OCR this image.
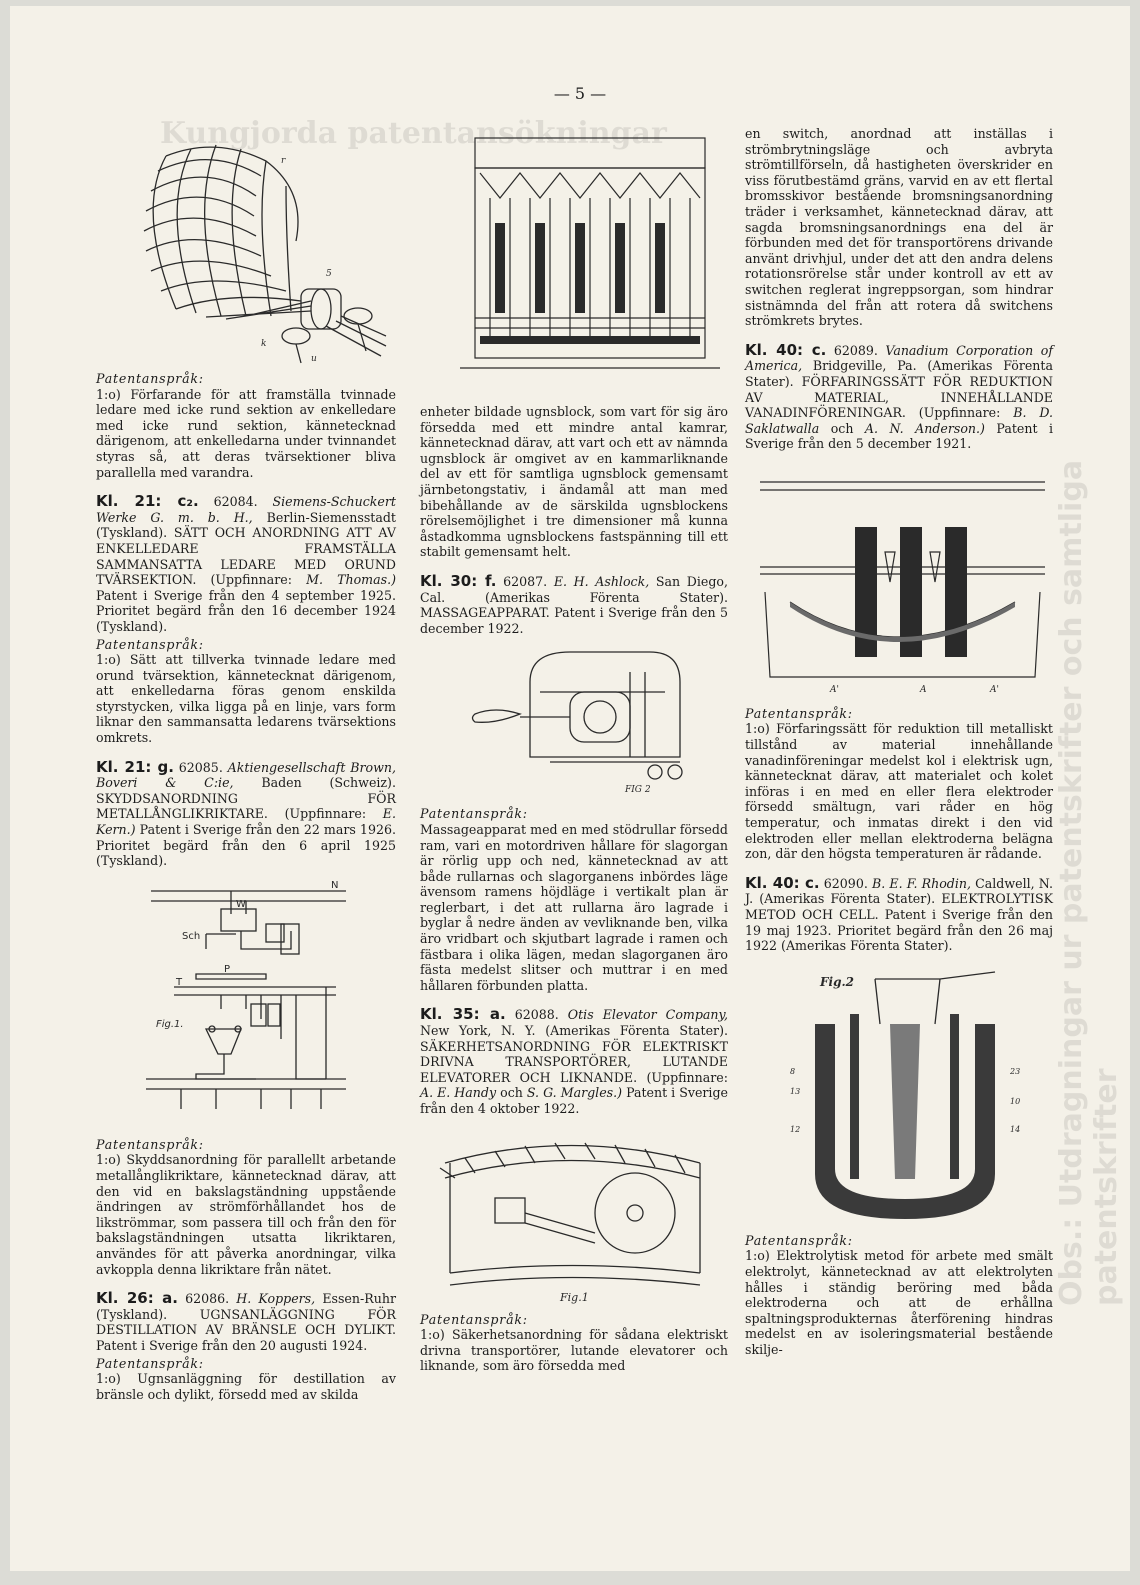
Kungjorda patentansökningar
Obs.: Utdragningar ur patentskrifter och samtliga patentskrifter
— 5 —
r
5
k
u

Patentanspråk:

1:o) Förfarande för att framställa tvinnade ledare med icke rund sektion av enkelledare med icke rund sektion, kännetecknad därigenom, att enkelledarna under tvinnandet styras så, att deras tvärsektioner bliva parallella med varandra.

Kl. 21: c₂. 62084. Siemens-Schuckert Werke G. m. b. H., Berlin-Siemensstadt (Tyskland). SÄTT OCH ANORDNING ATT AV ENKELLEDARE FRAMSTÄLLA SAMMANSATTA LEDARE MED ORUND TVÄRSEKTION. (Uppfinnare: M. Thomas.) Patent i Sverige från den 4 september 1925. Prioritet begärd från den 16 december 1924 (Tyskland).

Patentanspråk:

1:o) Sätt att tillverka tvinnade ledare med orund tvärsektion, kännetecknat därigenom, att enkelledarna föras genom enskilda styrstycken, vilka ligga på en linje, vars form liknar den sammansatta ledarens tvärsektions omkrets.

Kl. 21: g. 62085. Aktiengesellschaft Brown, Boveri & C:ie, Baden (Schweiz). SKYDDSANORDNING FÖR METALLÅNGLIKRIKTARE. (Uppfinnare: E. Kern.) Patent i Sverige från den 22 mars 1926. Prioritet begärd från den 6 april 1925 (Tyskland).

N
W
Sch
P
T
Fig.1.

Patentanspråk:

1:o) Skyddsanordning för parallellt arbetande metallånglikriktare, kännetecknad därav, att den vid en bakslagständning uppstående ändringen av strömförhållandet hos de likströmmar, som passera till och från den för bakslagständningen utsatta likriktaren, användes för att påverka anordningar, vilka avkoppla denna likriktare från nätet.

Kl. 26: a. 62086. H. Koppers, Essen-Ruhr (Tyskland). UGNSANLÄGGNING FÖR DESTILLATION AV BRÄNSLE OCH DYLIKT. Patent i Sverige från den 20 augusti 1924.

Patentanspråk:

1:o) Ugnsanläggning för destillation av bränsle och dylikt, försedd med av skilda

enheter bildade ugnsblock, som vart för sig äro försedda med ett mindre antal kamrar, kännetecknad därav, att vart och ett av nämnda ugnsblock är omgivet av en kammarliknande del av ett för samtliga ugnsblock gemensamt järnbetongstativ, i ändamål att man med bibehållande av de särskilda ugnsblockens rörelsemöjlighet i tre dimensioner må kunna åstadkomma ugnsblockens fastspänning till ett stabilt gemensamt helt.

Kl. 30: f. 62087. E. H. Ashlock, San Diego, Cal. (Amerikas Förenta Stater). MASSAGEAPPARAT. Patent i Sverige från den 5 december 1922.

FIG 2

Patentanspråk:

Massageapparat med en med stödrullar försedd ram, vari en motordriven hållare för slagorgan är rörlig upp och ned, kännetecknad av att både rullarnas och slagorganens inbördes läge ävensom ramens höjdläge i vertikalt plan är reglerbart, i det att rullarna äro lagrade i byglar å nedre änden av vevliknande ben, vilka äro vridbart och skjutbart lagrade i ramen och fästbara i olika lägen, medan slagorganen äro fästa medelst slitser och muttrar i en med hållaren förbunden platta.

Kl. 35: a. 62088. Otis Elevator Company, New York, N. Y. (Amerikas Förenta Stater). SÄKERHETSANORDNING FÖR ELEKTRISKT DRIVNA TRANSPORTÖRER, LUTANDE ELEVATORER OCH LIKNANDE. (Uppfinnare: A. E. Handy och S. G. Margles.) Patent i Sverige från den 4 oktober 1922.

Fig.1

Patentanspråk:

1:o) Säkerhetsanordning för sådana elektriskt drivna transportörer, lutande elevatorer och liknande, som äro försedda med

en switch, anordnad att inställas i strömbrytningsläge och avbryta strömtillförseln, då hastigheten överskrider en viss förutbestämd gräns, varvid en av ett flertal bromsskivor bestående bromsningsanordning träder i verksamhet, kännetecknad därav, att sagda bromsningsanordnings ena del är förbunden med det för transportörens drivande använt drivhjul, under det att den andra delens rotationsrörelse står under kontroll av ett av switchen reglerat ingreppsorgan, som hindrar sistnämnda del från att rotera då switchens strömkrets brytes.

Kl. 40: c. 62089. Vanadium Corporation of America, Bridgeville, Pa. (Amerikas Förenta Stater). FÖRFARINGSSÄTT FÖR REDUKTION AV MATERIAL, INNEHÅLLANDE VANADINFÖRENINGAR. (Uppfinnare: B. D. Saklatwalla och A. N. Anderson.) Patent i Sverige från den 5 december 1921.

A'	A	A'

Patentanspråk:

1:o) Förfaringssätt för reduktion till metalliskt tillstånd av material innehållande vanadinföreningar medelst kol i elektrisk ugn, kännetecknat därav, att materialet och kolet införas i en med en eller flera elektroder försedd smältugn, vari råder en hög temperatur, och inmatas direkt i den vid elektroden eller mellan elektroderna belägna zon, där den högsta temperaturen är rådande.

Kl. 40: c. 62090. B. E. F. Rhodin, Caldwell, N. J. (Amerikas Förenta Stater). ELEKTROLYTISK METOD OCH CELL. Patent i Sverige från den 19 maj 1923. Prioritet begärd från den 26 maj 1922 (Amerikas Förenta Stater).

Fig.2
8
13
12
23
10
14

Patentanspråk:

1:o) Elektrolytisk metod för arbete med smält elektrolyt, kännetecknad av att elektrolyten hålles i ständig beröring med båda elektroderna och att de erhållna spaltningsprodukternas återförening hindras medelst en av isoleringsmaterial bestående skilje-
